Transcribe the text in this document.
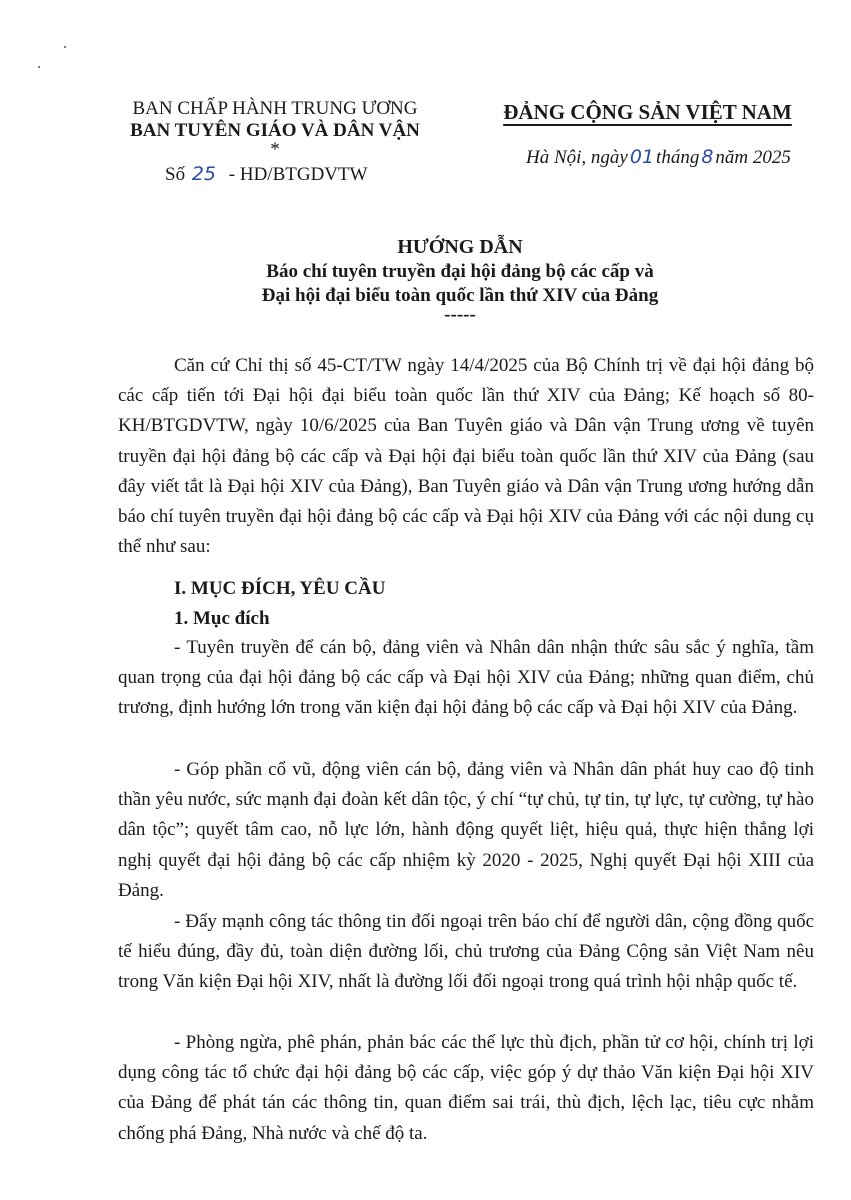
BAN CHẤP HÀNH TRUNG ƯƠNG
BAN TUYÊN GIÁO VÀ DÂN VẬN
*
Số 25 - HD/BTGDVTW
ĐẢNG CỘNG SẢN VIỆT NAM
Hà Nội, ngày 01 tháng 8 năm 2025
HƯỚNG DẪN
Báo chí tuyên truyền đại hội đảng bộ các cấp và
Đại hội đại biểu toàn quốc lần thứ XIV của Đảng
-----
Căn cứ Chỉ thị số 45-CT/TW ngày 14/4/2025 của Bộ Chính trị về đại hội đảng bộ các cấp tiến tới Đại hội đại biểu toàn quốc lần thứ XIV của Đảng; Kế hoạch số 80-KH/BTGDVTW, ngày 10/6/2025 của Ban Tuyên giáo và Dân vận Trung ương về tuyên truyền đại hội đảng bộ các cấp và Đại hội đại biểu toàn quốc lần thứ XIV của Đảng (sau đây viết tắt là Đại hội XIV của Đảng), Ban Tuyên giáo và Dân vận Trung ương hướng dẫn báo chí tuyên truyền đại hội đảng bộ các cấp và Đại hội XIV của Đảng với các nội dung cụ thể như sau:
I. MỤC ĐÍCH, YÊU CẦU
1. Mục đích
- Tuyên truyền để cán bộ, đảng viên và Nhân dân nhận thức sâu sắc ý nghĩa, tầm quan trọng của đại hội đảng bộ các cấp và Đại hội XIV của Đảng; những quan điểm, chủ trương, định hướng lớn trong văn kiện đại hội đảng bộ các cấp và Đại hội XIV của Đảng.
- Góp phần cổ vũ, động viên cán bộ, đảng viên và Nhân dân phát huy cao độ tinh thần yêu nước, sức mạnh đại đoàn kết dân tộc, ý chí “tự chủ, tự tin, tự lực, tự cường, tự hào dân tộc”; quyết tâm cao, nỗ lực lớn, hành động quyết liệt, hiệu quả, thực hiện thắng lợi nghị quyết đại hội đảng bộ các cấp nhiệm kỳ 2020 - 2025, Nghị quyết Đại hội XIII của Đảng.
- Đẩy mạnh công tác thông tin đối ngoại trên báo chí để người dân, cộng đồng quốc tế hiểu đúng, đầy đủ, toàn diện đường lối, chủ trương của Đảng Cộng sản Việt Nam nêu trong Văn kiện Đại hội XIV, nhất là đường lối đối ngoại trong quá trình hội nhập quốc tế.
- Phòng ngừa, phê phán, phản bác các thế lực thù địch, phần tử cơ hội, chính trị lợi dụng công tác tổ chức đại hội đảng bộ các cấp, việc góp ý dự thảo Văn kiện Đại hội XIV của Đảng để phát tán các thông tin, quan điểm sai trái, thù địch, lệch lạc, tiêu cực nhằm chống phá Đảng, Nhà nước và chế độ ta.
